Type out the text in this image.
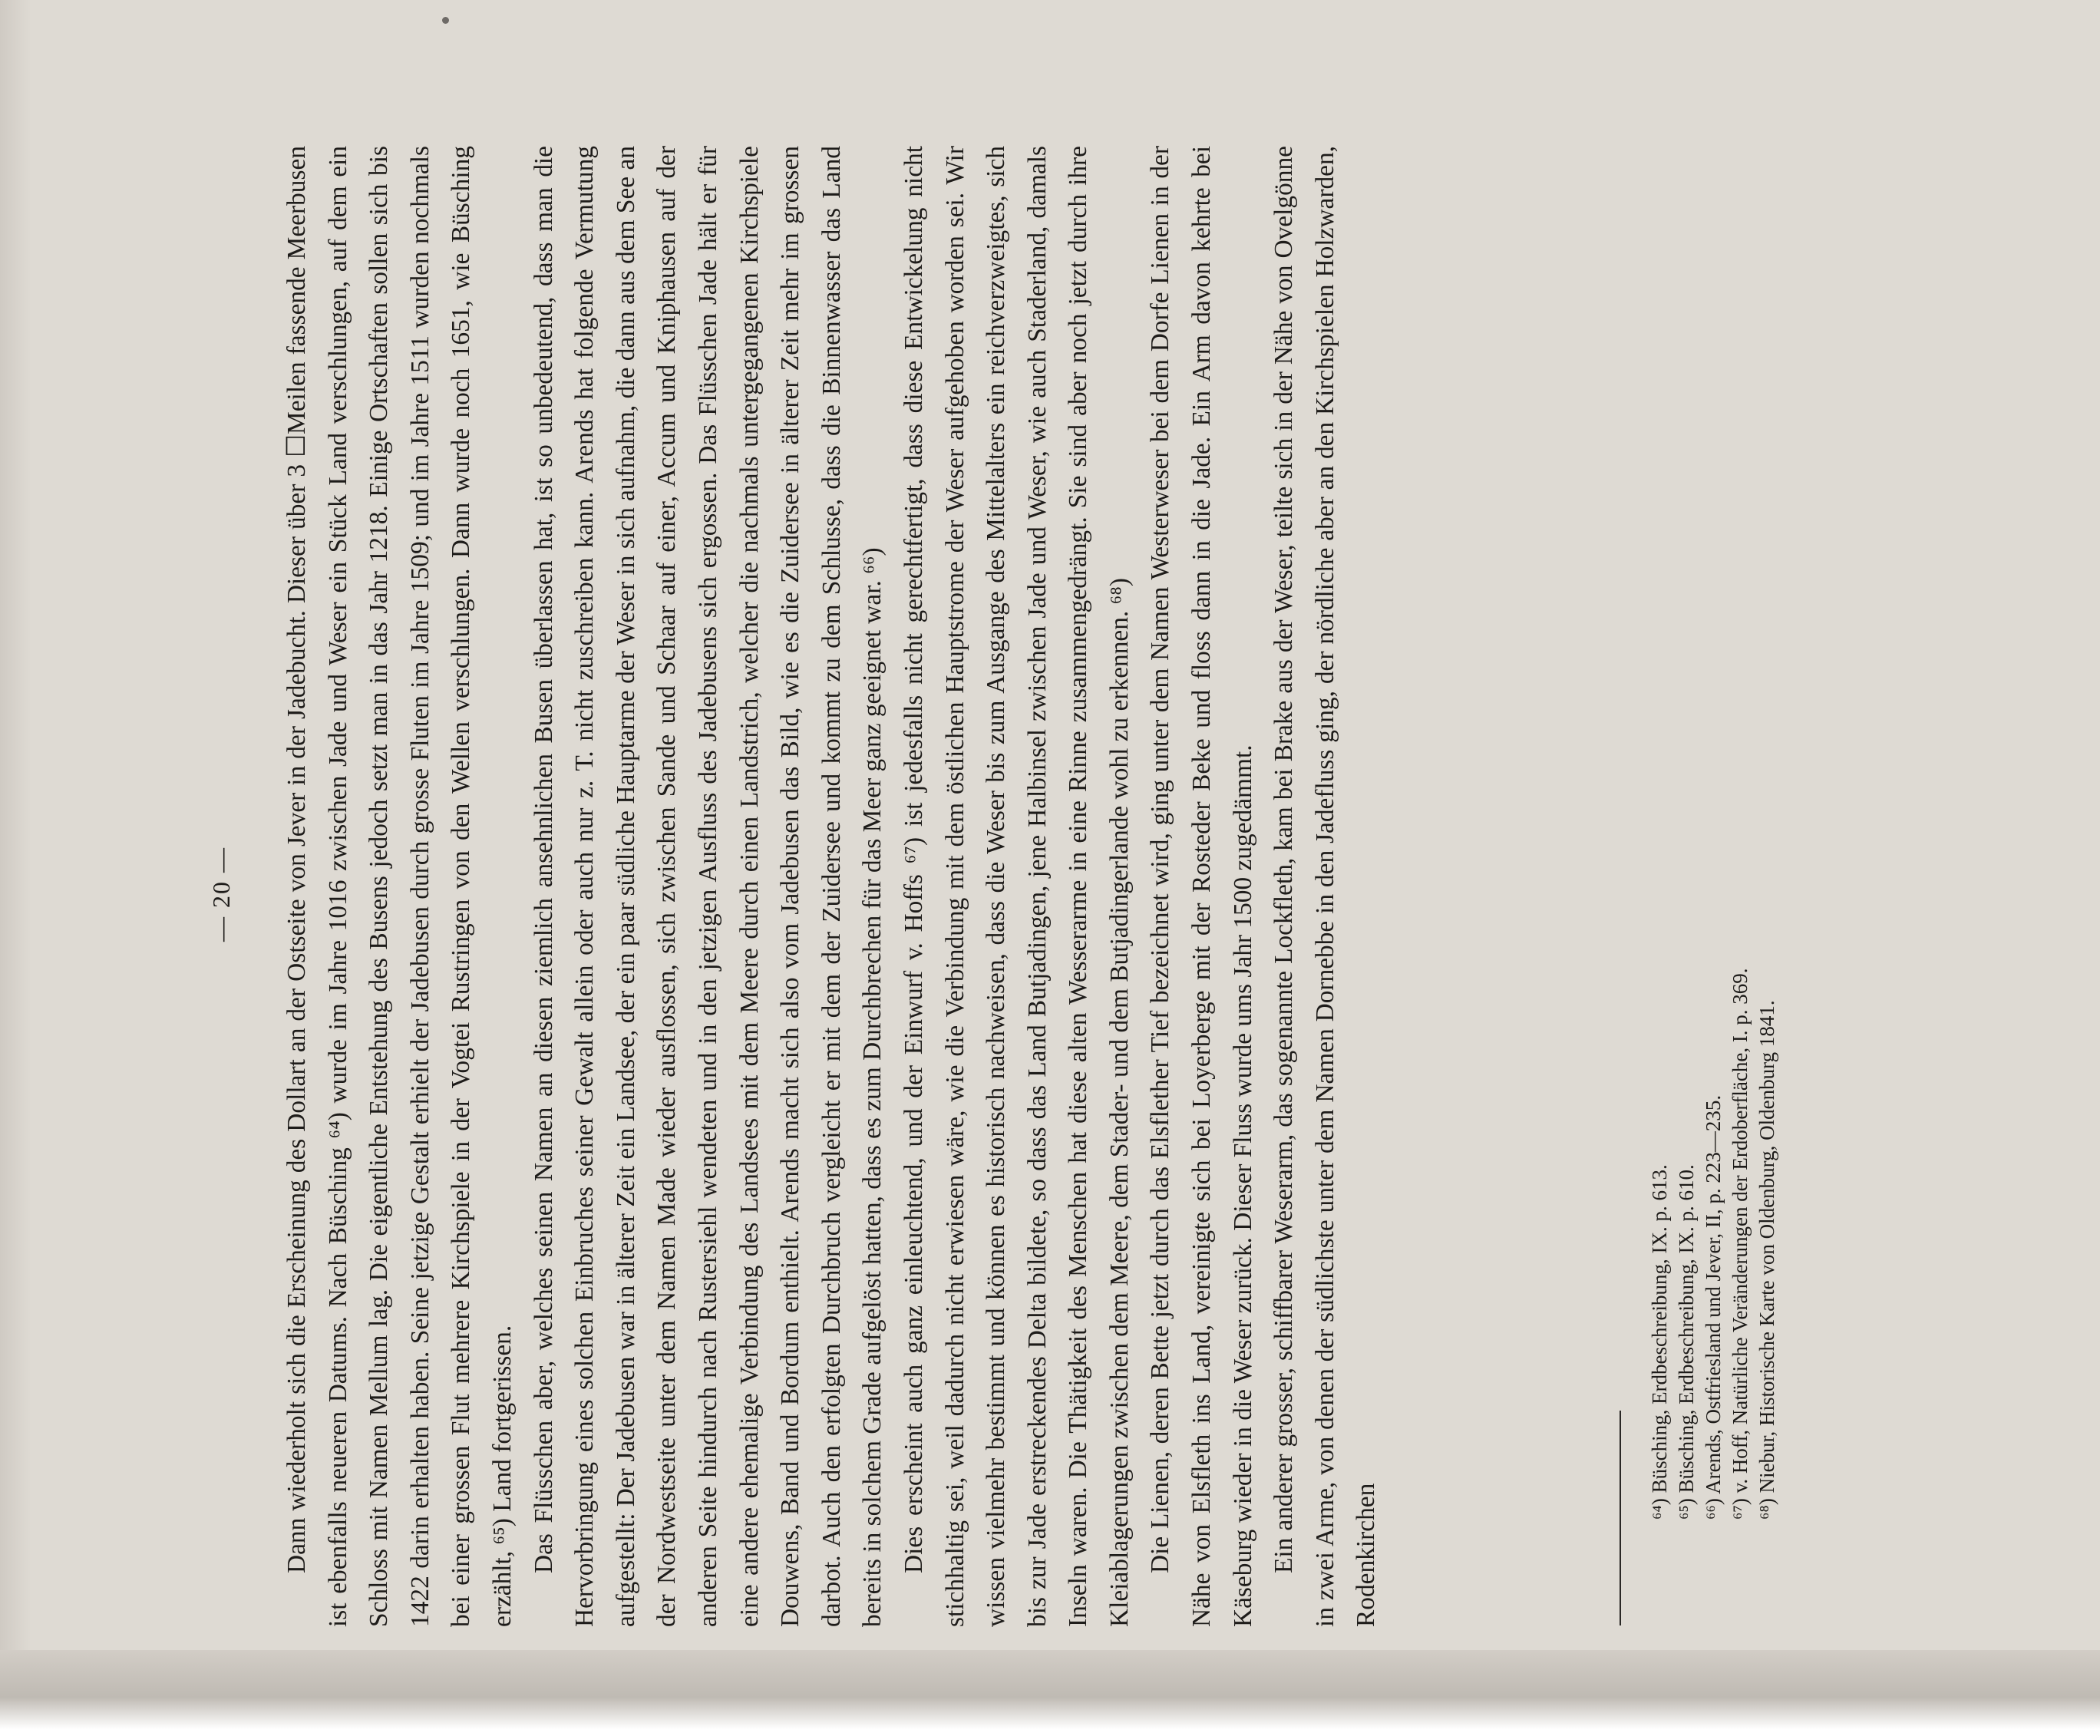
— 20 —	Dann wiederholt sich die Erscheinung des Dollart an der Ostseite von Jever in der Jadebucht. Dieser über 3 ☐Meilen fassende Meerbusen ist ebenfalls neueren Datums. Nach Büsching ⁶⁴) wurde im Jahre 1016 zwischen Jade und Weser ein Stück Land verschlungen, auf dem ein Schloss mit Namen Mellum lag. Die eigentliche Entstehung des Busens jedoch setzt man in das Jahr 1218. Einige Ortschaften sollen sich bis 1422 darin erhalten haben. Seine jetzige Gestalt erhielt der Jadebusen durch grosse Fluten im Jahre 1509; und im Jahre 1511 wurden nochmals bei einer grossen Flut mehrere Kirchspiele in der Vogtei Rustringen von den Wellen verschlungen. Dann wurde noch 1651, wie Büsching erzählt, ⁶⁵) Land fortgerissen. Das Flüsschen aber, welches seinen Namen an diesen ziemlich ansehnlichen Busen überlassen hat, ist so unbedeutend, dass man die Hervorbringung eines solchen Einbruches seiner Gewalt allein oder auch nur z. T. nicht zuschreiben kann. Arends hat folgende Vermutung aufgestellt: Der Jadebusen war in älterer Zeit ein Landsee, der ein paar südliche Hauptarme der Weser in sich aufnahm, die dann aus dem See an der Nordwestseite unter dem Namen Made wieder ausflossen, sich zwischen Sande und Schaar auf einer, Accum und Kniphausen auf der anderen Seite hindurch nach Rustersiehl wendeten und in den jetzigen Ausfluss des Jadebusens sich ergossen. Das Flüsschen Jade hält er für eine andere ehemalige Verbindung des Landsees mit dem Meere durch einen Landstrich, welcher die nachmals untergegangenen Kirchspiele Douwens, Band und Bordum enthielt. Arends macht sich also vom Jadebusen das Bild, wie es die Zuidersee in älterer Zeit mehr im grossen darbot. Auch den erfolgten Durchbruch vergleicht er mit dem der Zuidersee und kommt zu dem Schlusse, dass die Binnenwasser das Land bereits in solchem Grade aufgelöst hatten, dass es zum Durchbrechen für das Meer ganz geeignet war. ⁶⁶) Dies erscheint auch ganz einleuchtend, und der Einwurf v. Hoffs ⁶⁷) ist jedesfalls nicht gerechtfertigt, dass diese Entwickelung nicht stichhaltig sei, weil dadurch nicht erwiesen wäre, wie die Verbindung mit dem östlichen Hauptstrome der Weser aufgehoben worden sei. Wir wissen vielmehr bestimmt und können es historisch nachweisen, dass die Weser bis zum Ausgange des Mittelalters ein reichverzweigtes, sich bis zur Jade erstreckendes Delta bildete, so dass das Land Butjadingen, jene Halbinsel zwischen Jade und Weser, wie auch Staderland, damals Inseln waren. Die Thätigkeit des Menschen hat diese alten Wesserarme in eine Rinne zusammengedrängt. Sie sind aber noch jetzt durch ihre Kleiablagerungen zwischen dem Meere, dem Stader- und dem Butjadingerlande wohl zu erkennen. ⁶⁸) Die Lienen, deren Bette jetzt durch das Elsflether Tief bezeichnet wird, ging unter dem Namen Westerweser bei dem Dorfe Lienen in der Nähe von Elsfleth ins Land, vereinigte sich bei Loyerberge mit der Rosteder Beke und floss dann in die Jade. Ein Arm davon kehrte bei Käseburg wieder in die Weser zurück. Dieser Fluss wurde ums Jahr 1500 zugedämmt. Ein anderer grosser, schiffbarer Weserarm, das sogenannte Lockfleth, kam bei Brake aus der Weser, teilte sich in der Nähe von Ovelgönne in zwei Arme, von denen der südlichste unter dem Namen Dornebbe in den Jadefluss ging, der nördliche aber an den Kirchspielen Holzwarden, Rodenkirchen

⁶⁴) Büsching, Erdbeschreibung, IX. p. 613. ⁶⁵) Büsching, Erdbeschreibung, IX. p. 610. ⁶⁶) Arends, Ostfriesland und Jever, II, p. 223—235. ⁶⁷) v. Hoff, Natürliche Veränderungen der Erdoberfläche, I. p. 369. ⁶⁸) Niebur, Historische Karte von Oldenburg, Oldenburg 1841.
